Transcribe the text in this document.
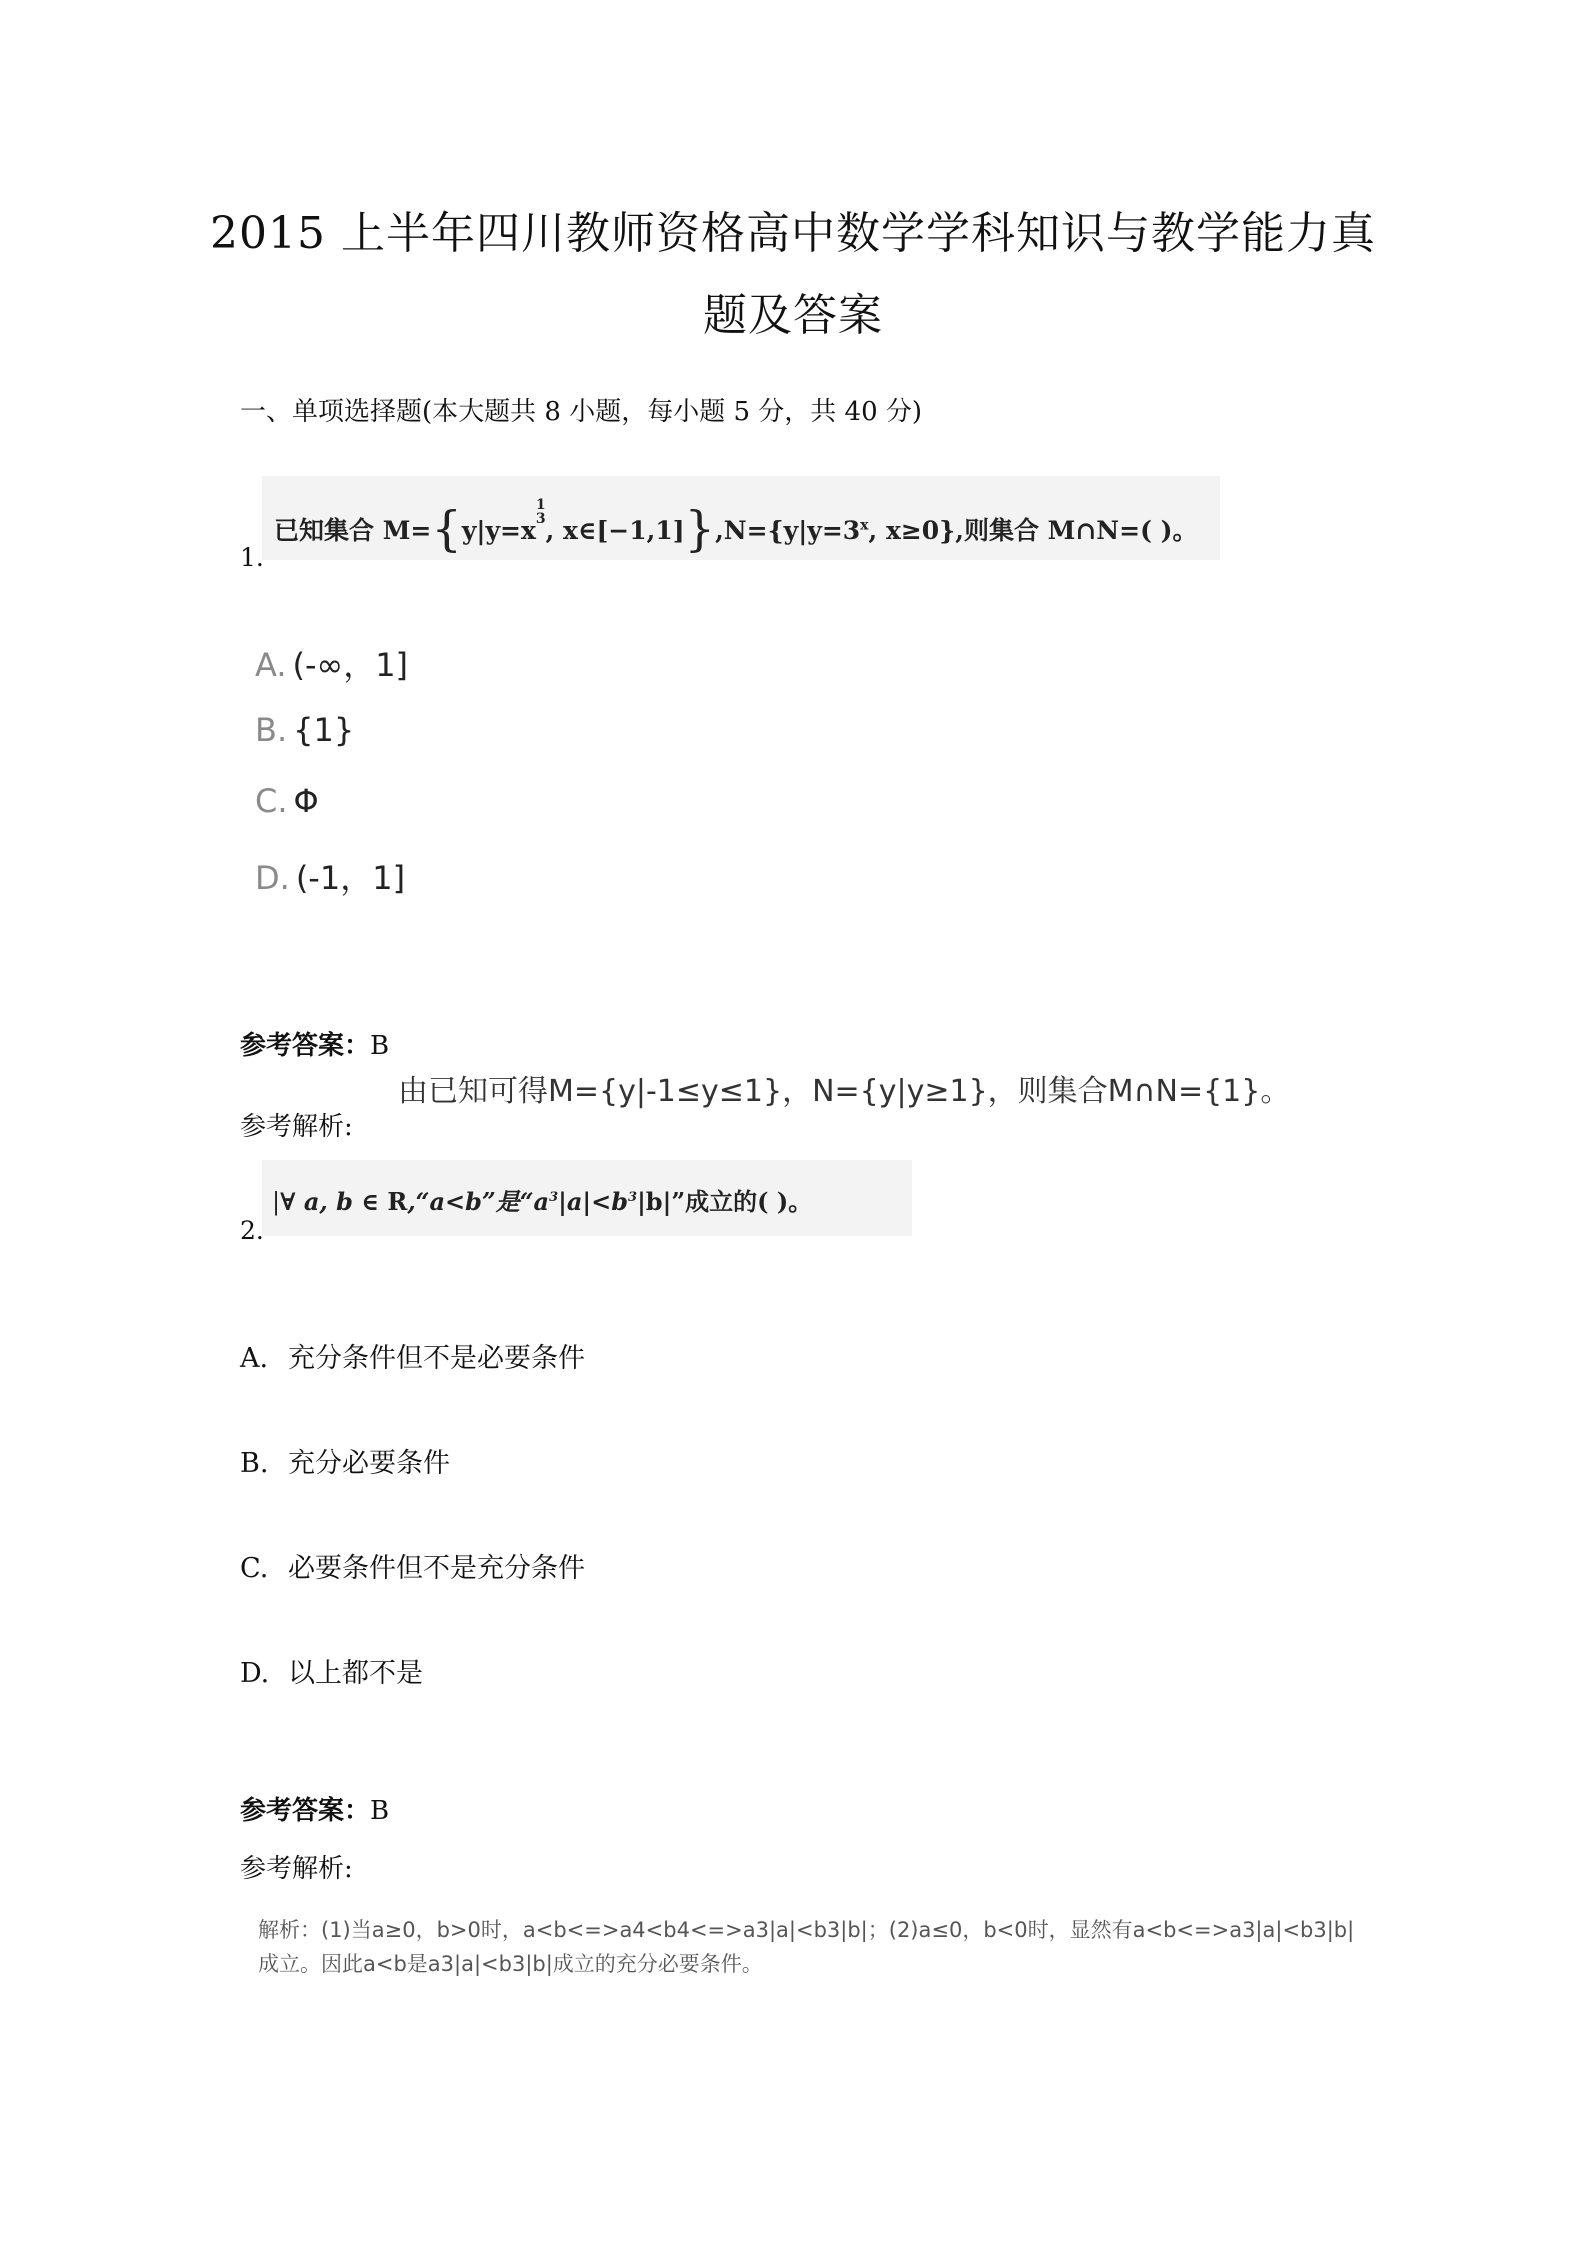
2015 上半年四川教师资格高中数学学科知识与教学能力真
题及答案
一、单项选择题(本大题共 8 小题，每小题 5 分，共 40 分)
已知集合 $M=\{y|y=x^{1 3}$, $x\in[-1,1]\},N=\{y|y=3^x$, x≥0},则集合 M∩N=( )。
1.
A. (-∞，1]
B. {1}
C. Φ
D. (-1，1]
参考答案：B
由已知可得M={y|-1≤y≤1}，N={y|y≥1}，则集合M∩N={1}。
参考解析:
|∀ a, b ∈ R,“a<b”是“$a^3|a|<b^3|b|$”成立的( )。
2.
A. 充分条件但不是必要条件
B. 充分必要条件
C. 必要条件但不是充分条件
D. 以上都不是
参考答案：B
参考解析:
解析：(1)当a≥0，b>0时，a<b<=>a4<b4<=>a3|a|<b3|b|；(2)a≤0，b<0时，显然有a<b<=>a3|a|<b3|b|
成立。因此a<b是a3|a|<b3|b|成立的充分必要条件。
